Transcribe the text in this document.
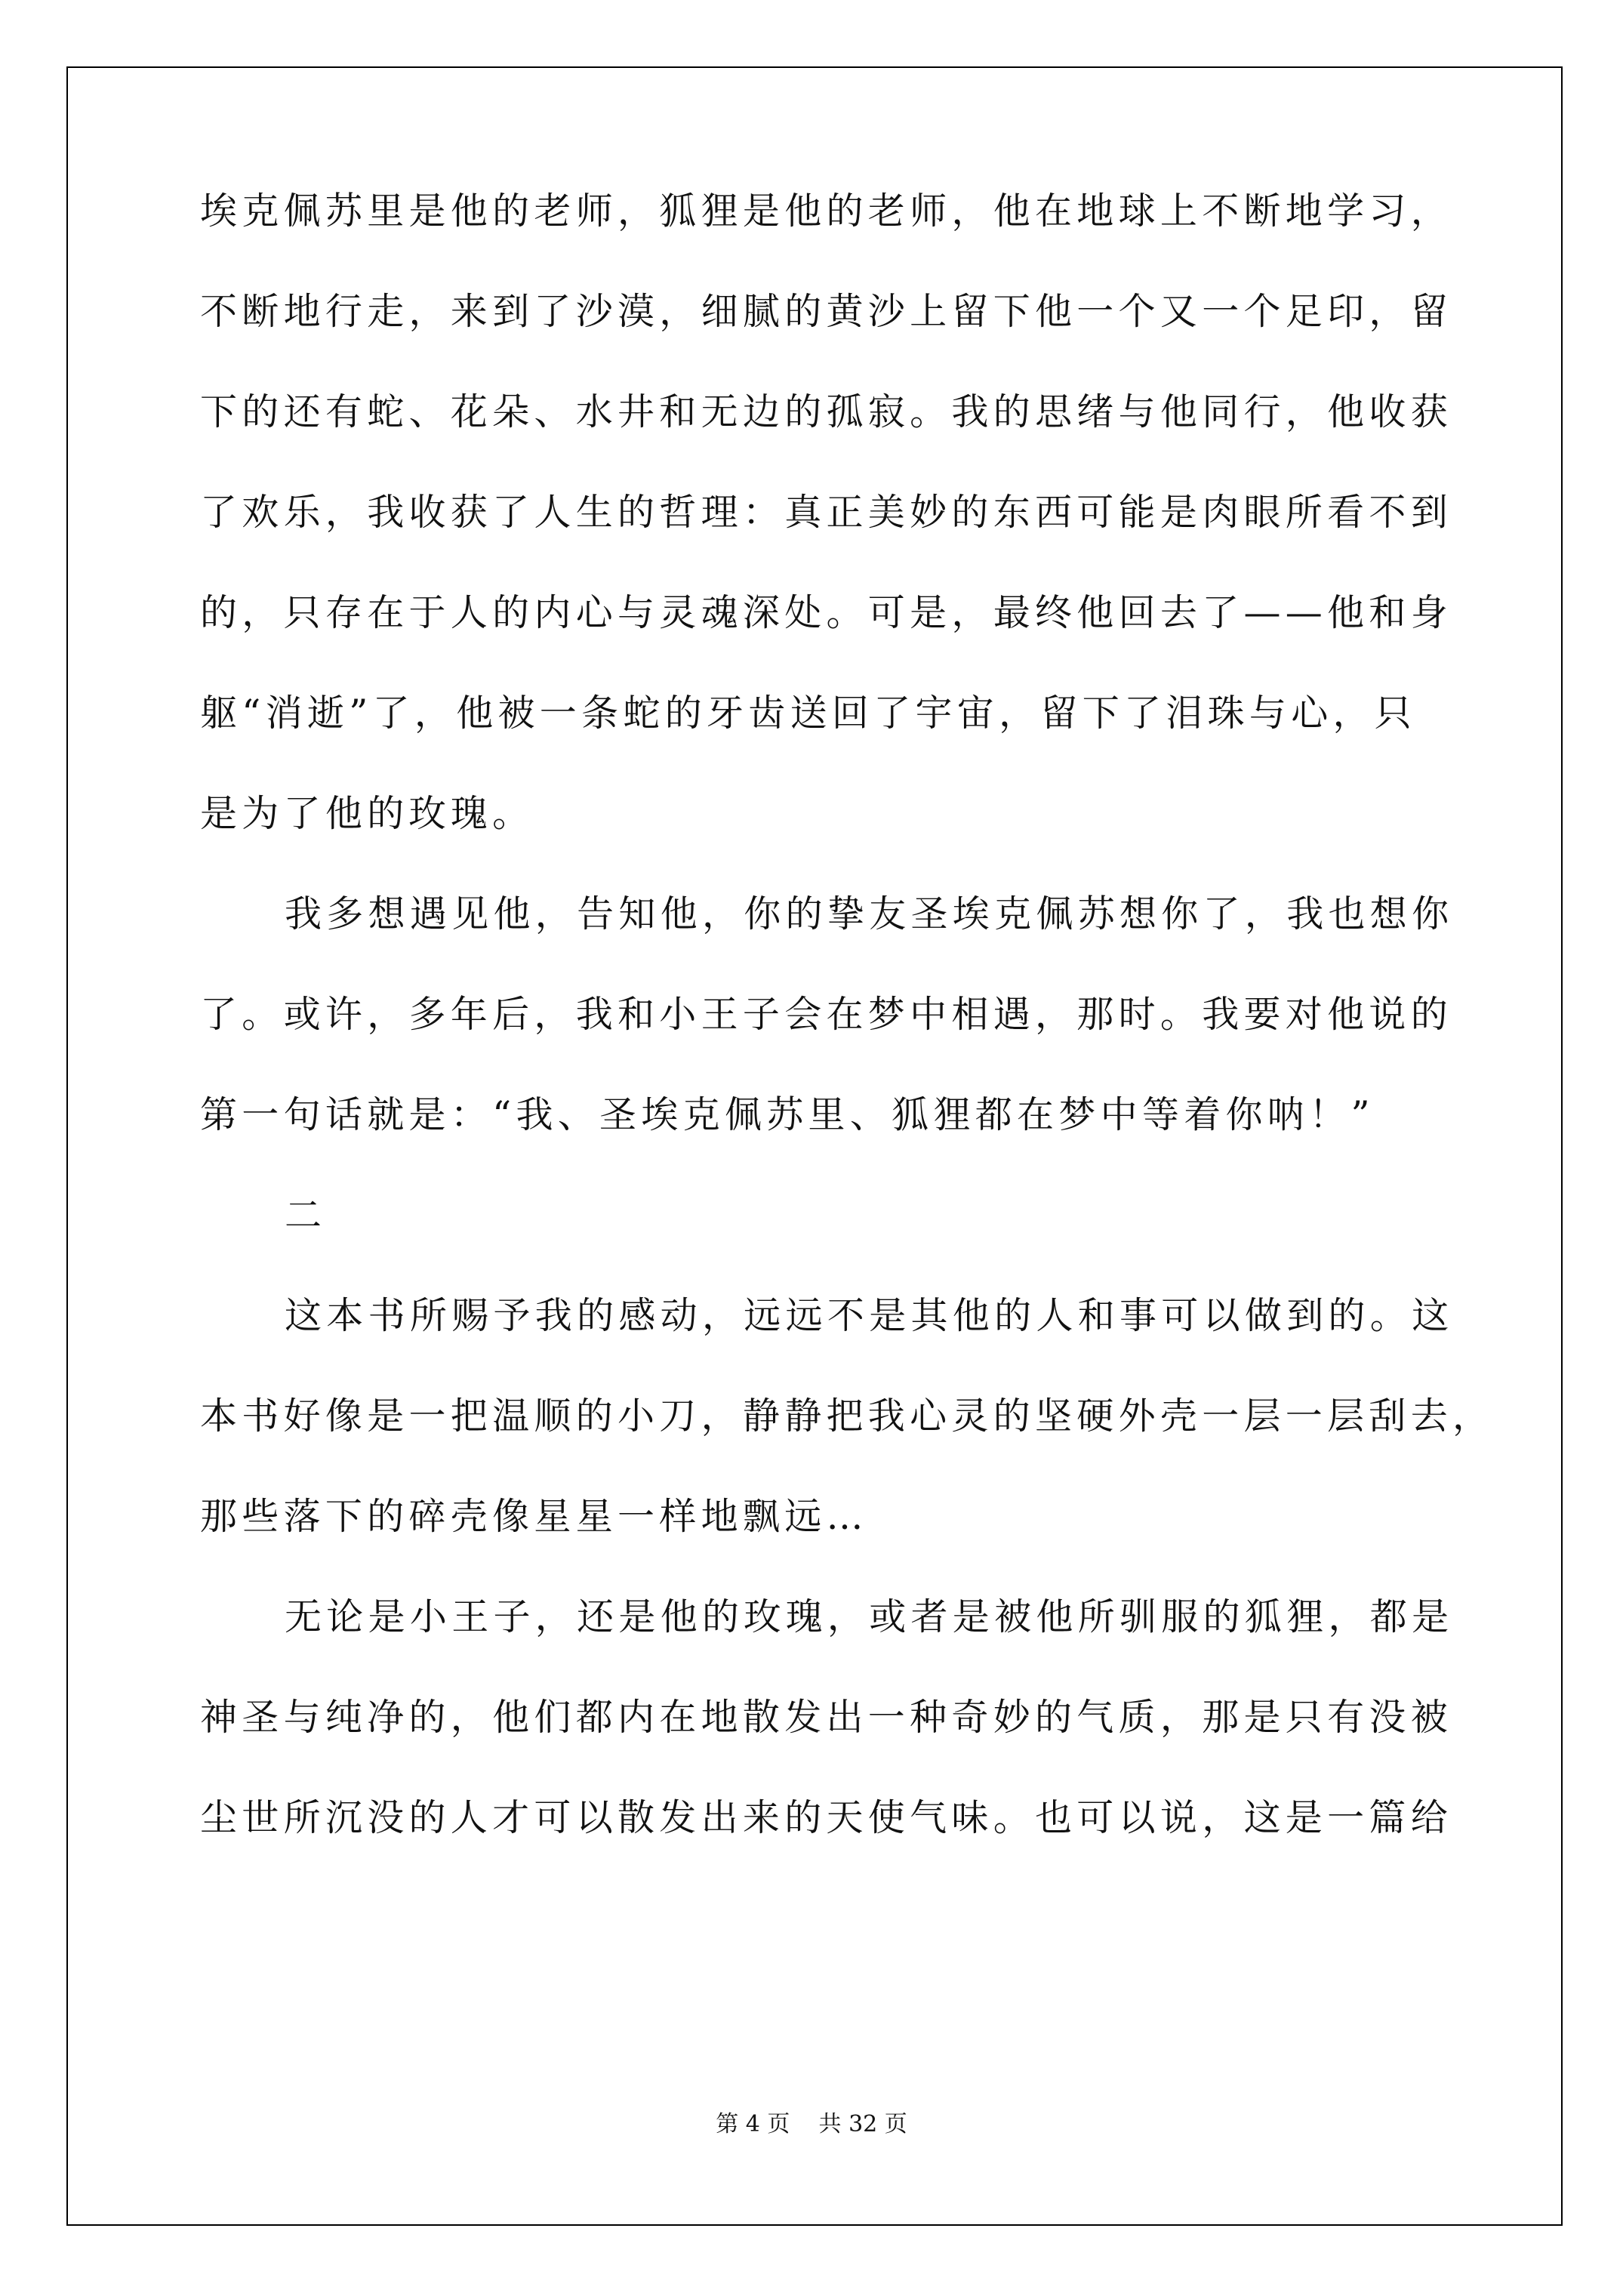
埃克佩苏里是他的老师，狐狸是他的老师，他在地球上不断地学习，
不断地行走，来到了沙漠，细腻的黄沙上留下他一个又一个足印，留
下的还有蛇、花朵、水井和无边的孤寂。我的思绪与他同行，他收获
了欢乐，我收获了人生的哲理：真正美妙的东西可能是肉眼所看不到
的，只存在于人的内心与灵魂深处。可是，最终他回去了——他和身
躯“消逝”了，他被一条蛇的牙齿送回了宇宙，留下了泪珠与心，只
是为了他的玫瑰。
我多想遇见他，告知他，你的挚友圣埃克佩苏想你了，我也想你
了。或许，多年后，我和小王子会在梦中相遇，那时。我要对他说的
第一句话就是：“我、圣埃克佩苏里、狐狸都在梦中等着你呐！”
二
这本书所赐予我的感动，远远不是其他的人和事可以做到的。这
本书好像是一把温顺的小刀，静静把我心灵的坚硬外壳一层一层刮去，
那些落下的碎壳像星星一样地飘远…
无论是小王子，还是他的玫瑰，或者是被他所驯服的狐狸，都是
神圣与纯净的，他们都内在地散发出一种奇妙的气质，那是只有没被
尘世所沉没的人才可以散发出来的天使气味。也可以说，这是一篇给
第 4 页 共 32 页
